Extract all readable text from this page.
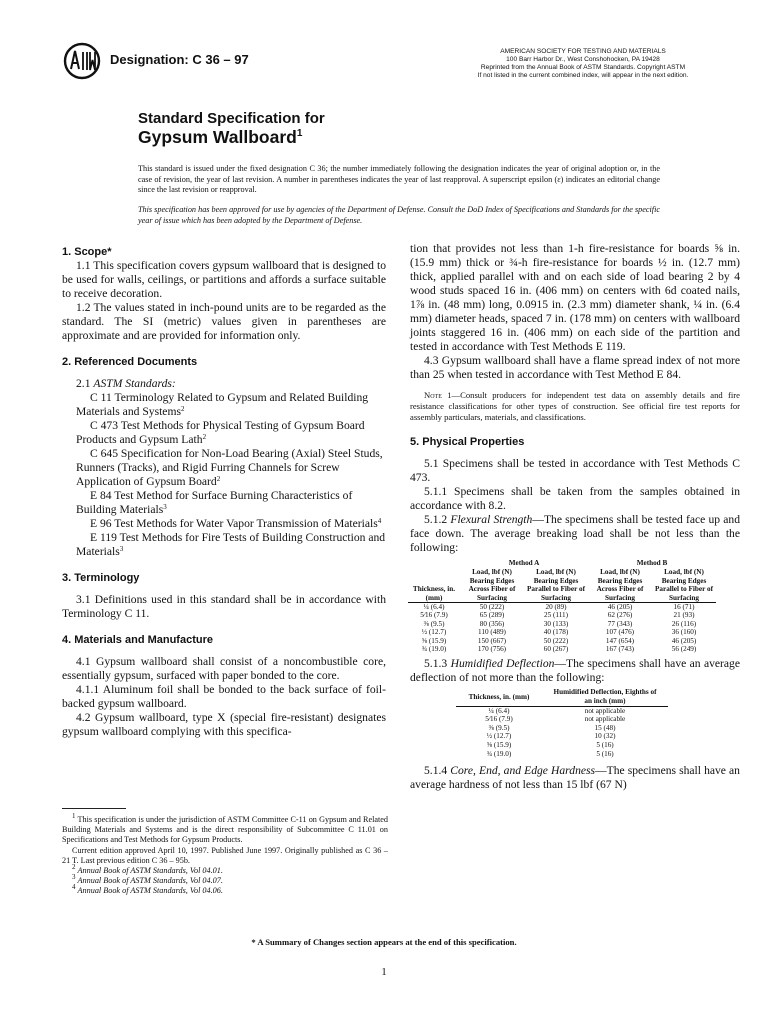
Designation: C 36 – 97
AMERICAN SOCIETY FOR TESTING AND MATERIALS
100 Barr Harbor Dr., West Conshohocken, PA 19428
Reprinted from the Annual Book of ASTM Standards. Copyright ASTM
If not listed in the current combined index, will appear in the next edition.
Standard Specification for
Gypsum Wallboard$^1$
This standard is issued under the fixed designation C 36; the number immediately following the designation indicates the year of original adoption or, in the case of revision, the year of last revision. A number in parentheses indicates the year of last reapproval. A superscript epsilon (ε) indicates an editorial change since the last revision or reapproval.
This specification has been approved for use by agencies of the Department of Defense. Consult the DoD Index of Specifications and Standards for the specific year of issue which has been adopted by the Department of Defense.
1. Scope*

1.1 This specification covers gypsum wallboard that is designed to be used for walls, ceilings, or partitions and affords a surface suitable to receive decoration.

1.2 The values stated in inch-pound units are to be regarded as the standard. The SI (metric) values given in parentheses are approximate and are provided for information only.

2. Referenced Documents

2.1 ASTM Standards:

C 11 Terminology Related to Gypsum and Related Building Materials and Systems$^2$

C 473 Test Methods for Physical Testing of Gypsum Board Products and Gypsum Lath$^2$

C 645 Specification for Non-Load Bearing (Axial) Steel Studs, Runners (Tracks), and Rigid Furring Channels for Screw Application of Gypsum Board$^2$

E 84 Test Method for Surface Burning Characteristics of Building Materials$^3$

E 96 Test Methods for Water Vapor Transmission of Materials$^4$

E 119 Test Methods for Fire Tests of Building Construction and Materials$^3$

3. Terminology

3.1 Definitions used in this standard shall be in accordance with Terminology C 11.

4. Materials and Manufacture

4.1 Gypsum wallboard shall consist of a noncombustible core, essentially gypsum, surfaced with paper bonded to the core.

4.1.1 Aluminum foil shall be bonded to the back surface of foil-backed gypsum wallboard.

4.2 Gypsum wallboard, type X (special fire-resistant) designates gypsum wallboard complying with this specifica-

$^1$ This specification is under the jurisdiction of ASTM Committee C-11 on Gypsum and Related Building Materials and Systems and is the direct responsibility of Subcommittee C 11.01 on Specifications and Test Methods for Gypsum Products.

Current edition approved April 10, 1997. Published June 1997. Originally published as C 36 – 21 T. Last previous edition C 36 – 95b.

$^2$ Annual Book of ASTM Standards, Vol 04.01.

$^3$ Annual Book of ASTM Standards, Vol 04.07.

$^4$ Annual Book of ASTM Standards, Vol 04.06.

tion that provides not less than 1-h fire-resistance for boards ⅝ in. (15.9 mm) thick or ¾-h fire-resistance for boards ½ in. (12.7 mm) thick, applied parallel with and on each side of load bearing 2 by 4 wood studs spaced 16 in. (406 mm) on centers with 6d coated nails, 1⅞ in. (48 mm) long, 0.0915 in. (2.3 mm) diameter shank, ¼ in. (6.4 mm) diameter heads, spaced 7 in. (178 mm) on centers with wallboard joints staggered 16 in. (406 mm) on each side of the partition and tested in accordance with Test Methods E 119.

4.3 Gypsum wallboard shall have a flame spread index of not more than 25 when tested in accordance with Test Method E 84.

Note 1—Consult producers for independent test data on assembly details and fire resistance classifications for other types of construction. See official fire test reports for assembly particulars, materials, and classifications.

5. Physical Properties

5.1 Specimens shall be tested in accordance with Test Methods C 473.

5.1.1 Specimens shall be taken from the samples obtained in accordance with 8.2.

5.1.2 Flexural Strength—The specimens shall be tested face up and face down. The average breaking load shall be not less than the following:

	Method A		Method B	
Thickness, in. (mm)	Load, lbf (N) Bearing Edges Across Fiber of Surfacing	Load, lbf (N) Bearing Edges Parallel to Fiber of Surfacing	Load, lbf (N) Bearing Edges Across Fiber of Surfacing	Load, lbf (N) Bearing Edges Parallel to Fiber of Surfacing
¼ (6.4)	50 (222)	20 (89)	46 (205)	16 (71)
5⁄16 (7.9)	65 (289)	25 (111)	62 (276)	21 (93)
⅜ (9.5)	80 (356)	30 (133)	77 (343)	26 (116)
½ (12.7)	110 (489)	40 (178)	107 (476)	36 (160)
⅝ (15.9)	150 (667)	50 (222)	147 (654)	46 (205)
¾ (19.0)	170 (756)	60 (267)	167 (743)	56 (249)

5.1.3 Humidified Deflection—The specimens shall have an average deflection of not more than the following:

Thickness, in. (mm)	Humidified Deflection, Eighths of an inch (mm)
¼ (6.4)	not applicable
5⁄16 (7.9)	not applicable
⅜ (9.5)	15 (48)
½ (12.7)	10 (32)
⅝ (15.9)	5 (16)
¾ (19.0)	5 (16)

5.1.4 Core, End, and Edge Hardness—The specimens shall have an average hardness of not less than 15 lbf (67 N)

* A Summary of Changes section appears at the end of this specification.
1
